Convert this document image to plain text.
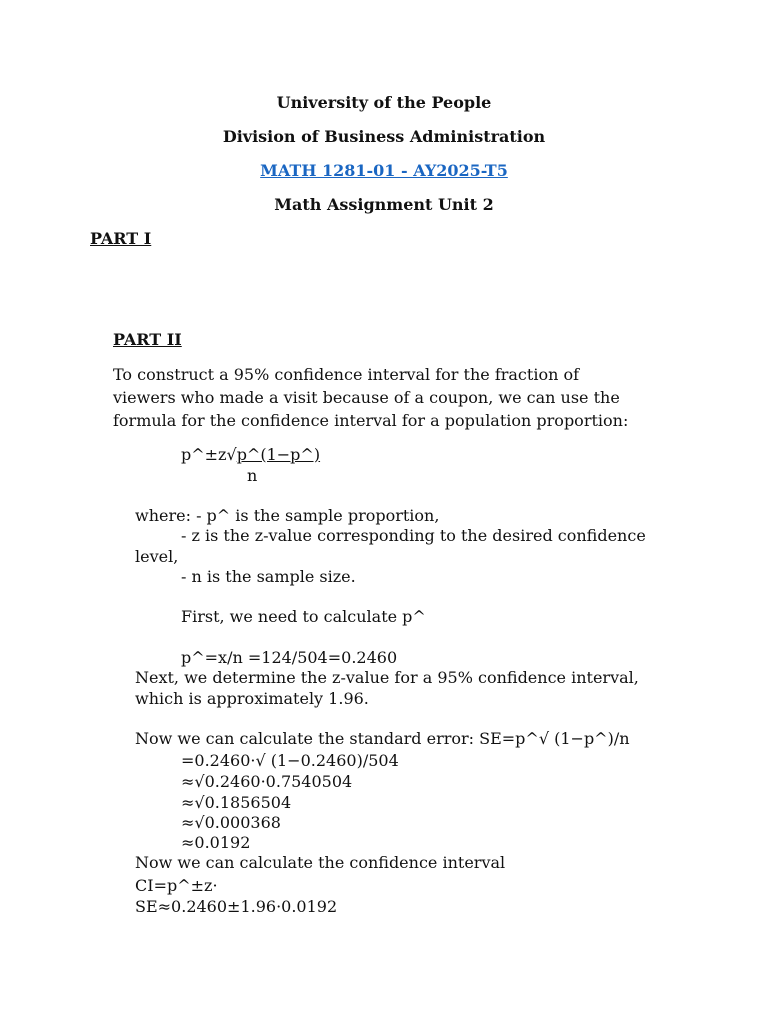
University of the People
Division of Business Administration
MATH 1281-01 - AY2025-T5
Math Assignment Unit 2
PART I
PART II
To construct a 95% confidence interval for the fraction of
viewers who made a visit because of a coupon, we can use the
formula for the confidence interval for a population proportion:
p^±z√p^(1−p^)
n
where: - p^ is the sample proportion,
- z is the z-value corresponding to the desired confidence
level,
- n is the sample size.
First, we need to calculate p^
p^=x/n =124/504=0.2460
Next, we determine the z-value for a 95% confidence interval,
which is approximately 1.96.
Now we can calculate the standard error: SE=p^√ (1−p^)/n
=0.2460·√ (1−0.2460)/504
≈√0.2460·0.7540504
≈√0.1856504
≈√0.000368
≈0.0192
Now we can calculate the confidence interval
CI=p^±z·
SE≈0.2460±1.96·0.0192
